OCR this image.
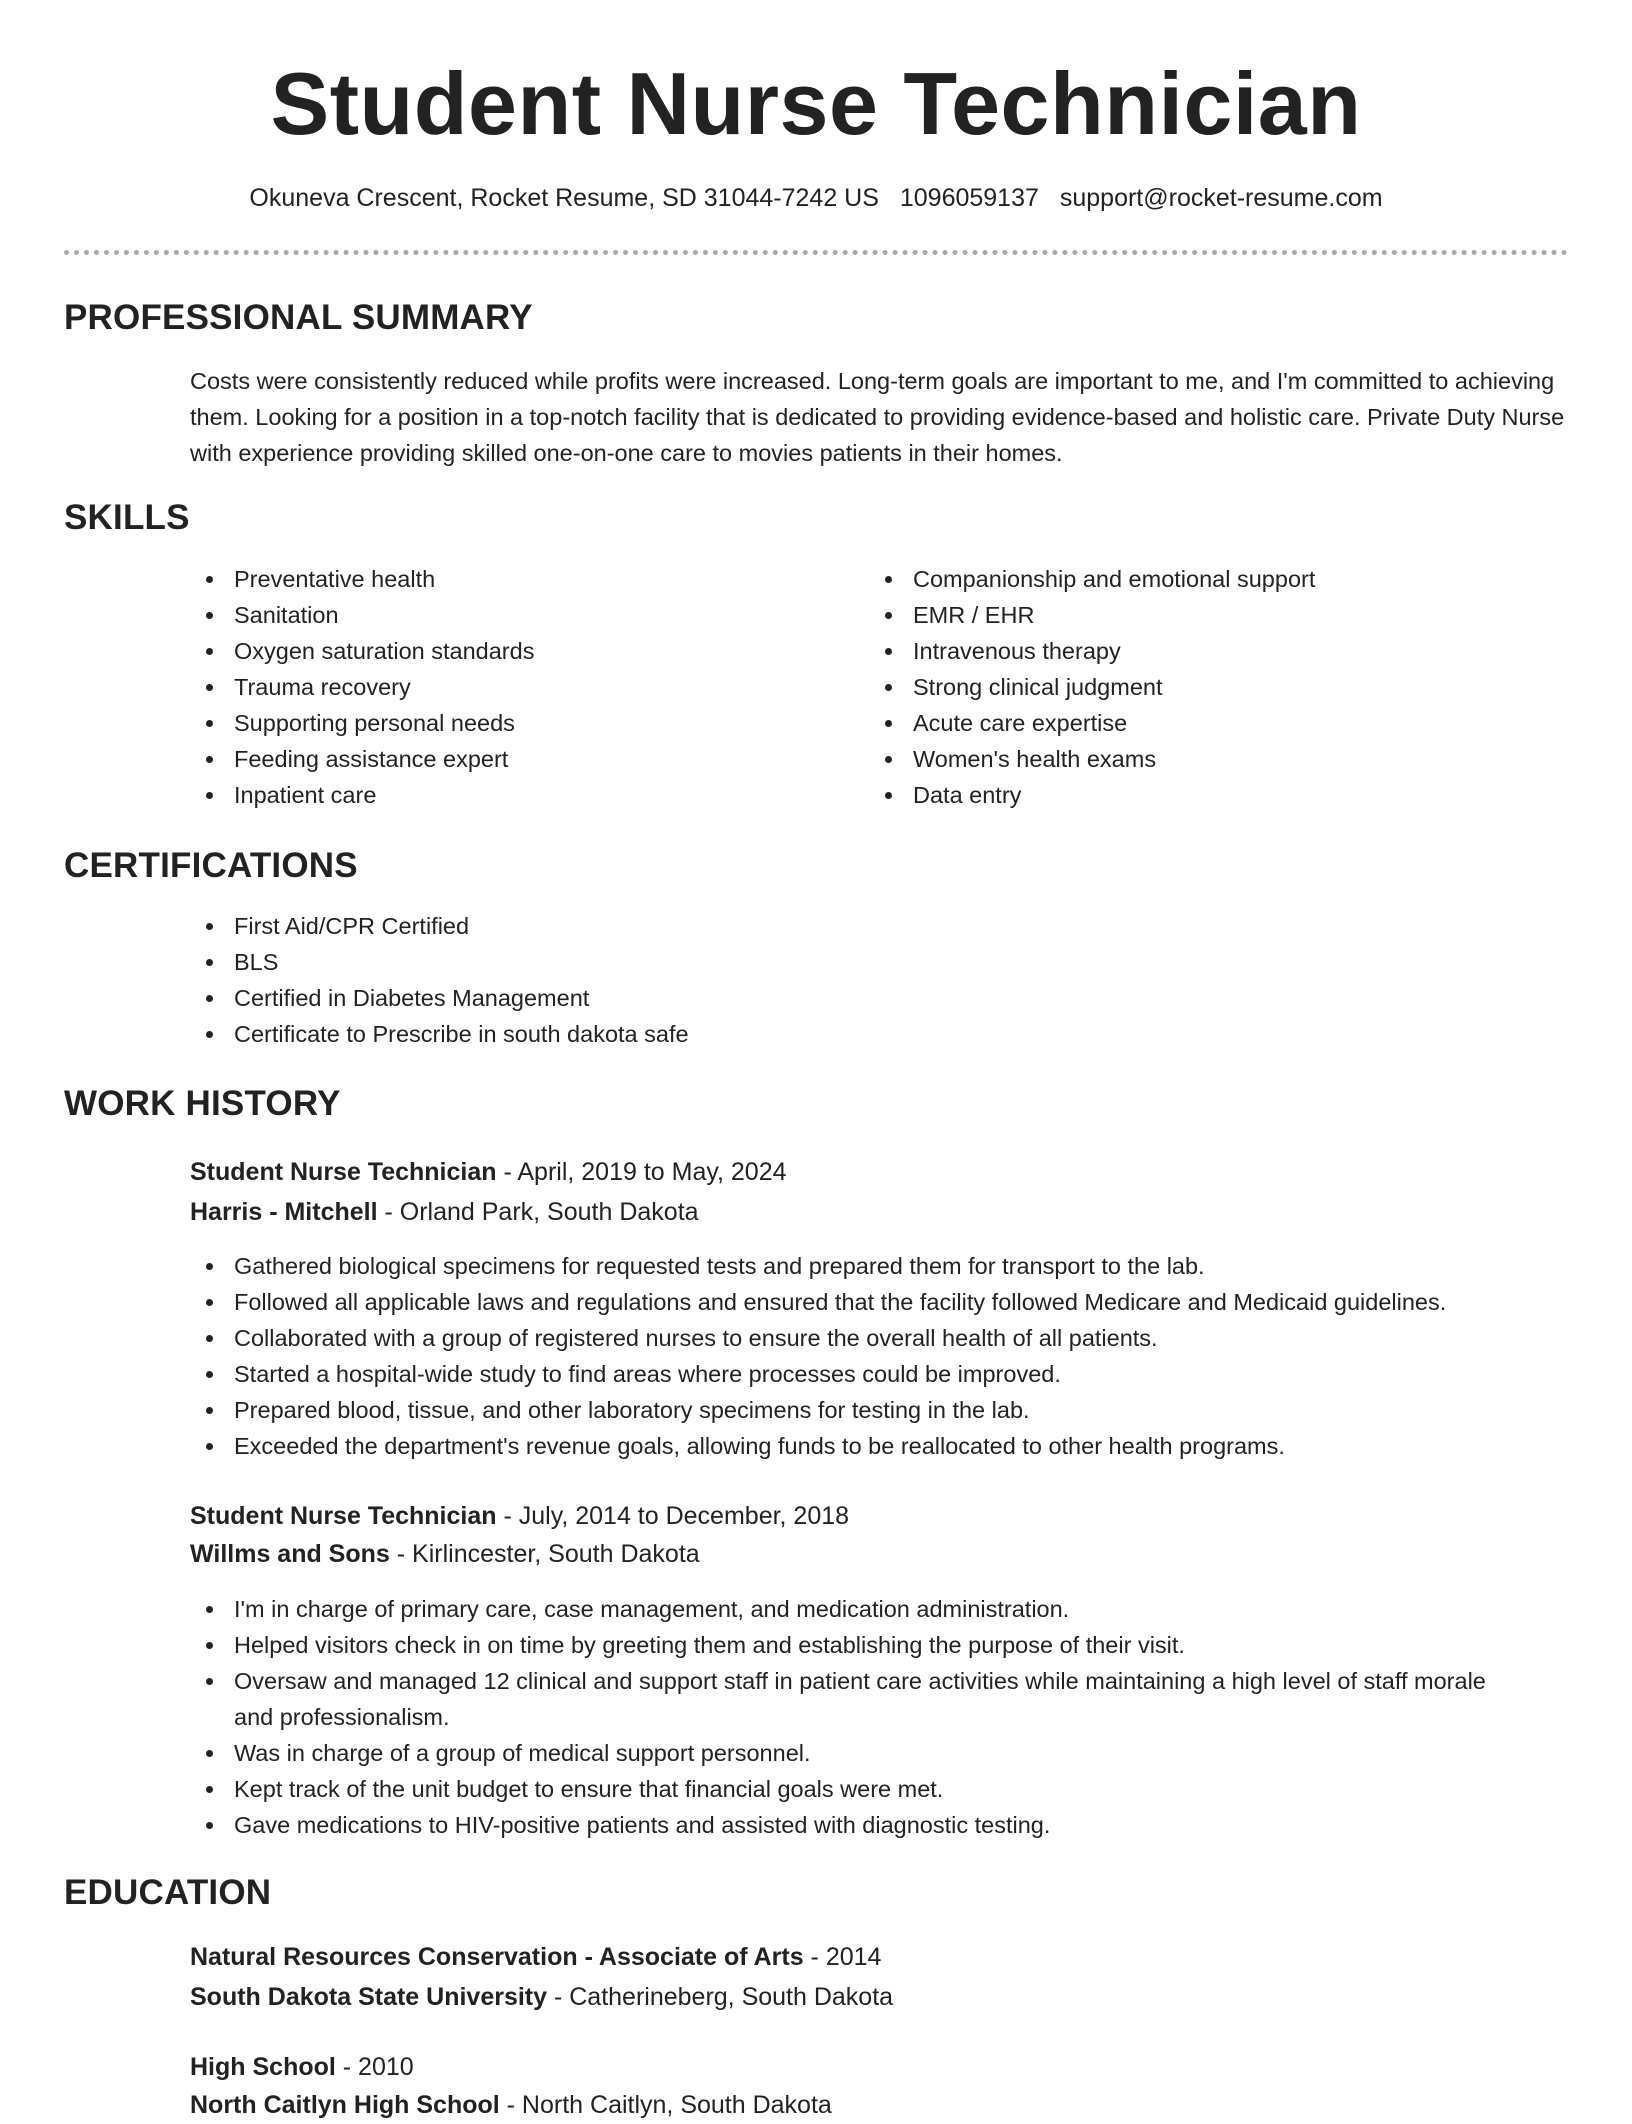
Student Nurse Technician
Okuneva Crescent, Rocket Resume, SD 31044-7242 US 1096059137 support@rocket-resume.com
PROFESSIONAL SUMMARY
Costs were consistently reduced while profits were increased. Long-term goals are important to me, and I'm committed to achieving them. Looking for a position in a top-notch facility that is dedicated to providing evidence-based and holistic care. Private Duty Nurse with experience providing skilled one-on-one care to movies patients in their homes.
SKILLS
Preventative health
Sanitation
Oxygen saturation standards
Trauma recovery
Supporting personal needs
Feeding assistance expert
Inpatient care
Companionship and emotional support
EMR / EHR
Intravenous therapy
Strong clinical judgment
Acute care expertise
Women's health exams
Data entry
CERTIFICATIONS
First Aid/CPR Certified
BLS
Certified in Diabetes Management
Certificate to Prescribe in south dakota safe
WORK HISTORY
Student Nurse Technician - April, 2019 to May, 2024
Harris - Mitchell - Orland Park, South Dakota
Gathered biological specimens for requested tests and prepared them for transport to the lab.
Followed all applicable laws and regulations and ensured that the facility followed Medicare and Medicaid guidelines.
Collaborated with a group of registered nurses to ensure the overall health of all patients.
Started a hospital-wide study to find areas where processes could be improved.
Prepared blood, tissue, and other laboratory specimens for testing in the lab.
Exceeded the department's revenue goals, allowing funds to be reallocated to other health programs.
Student Nurse Technician - July, 2014 to December, 2018
Willms and Sons - Kirlincester, South Dakota
I'm in charge of primary care, case management, and medication administration.
Helped visitors check in on time by greeting them and establishing the purpose of their visit.
Oversaw and managed 12 clinical and support staff in patient care activities while maintaining a high level of staff morale and professionalism.
Was in charge of a group of medical support personnel.
Kept track of the unit budget to ensure that financial goals were met.
Gave medications to HIV-positive patients and assisted with diagnostic testing.
EDUCATION
Natural Resources Conservation - Associate of Arts - 2014
South Dakota State University - Catherineberg, South Dakota
High School - 2010
North Caitlyn High School - North Caitlyn, South Dakota
